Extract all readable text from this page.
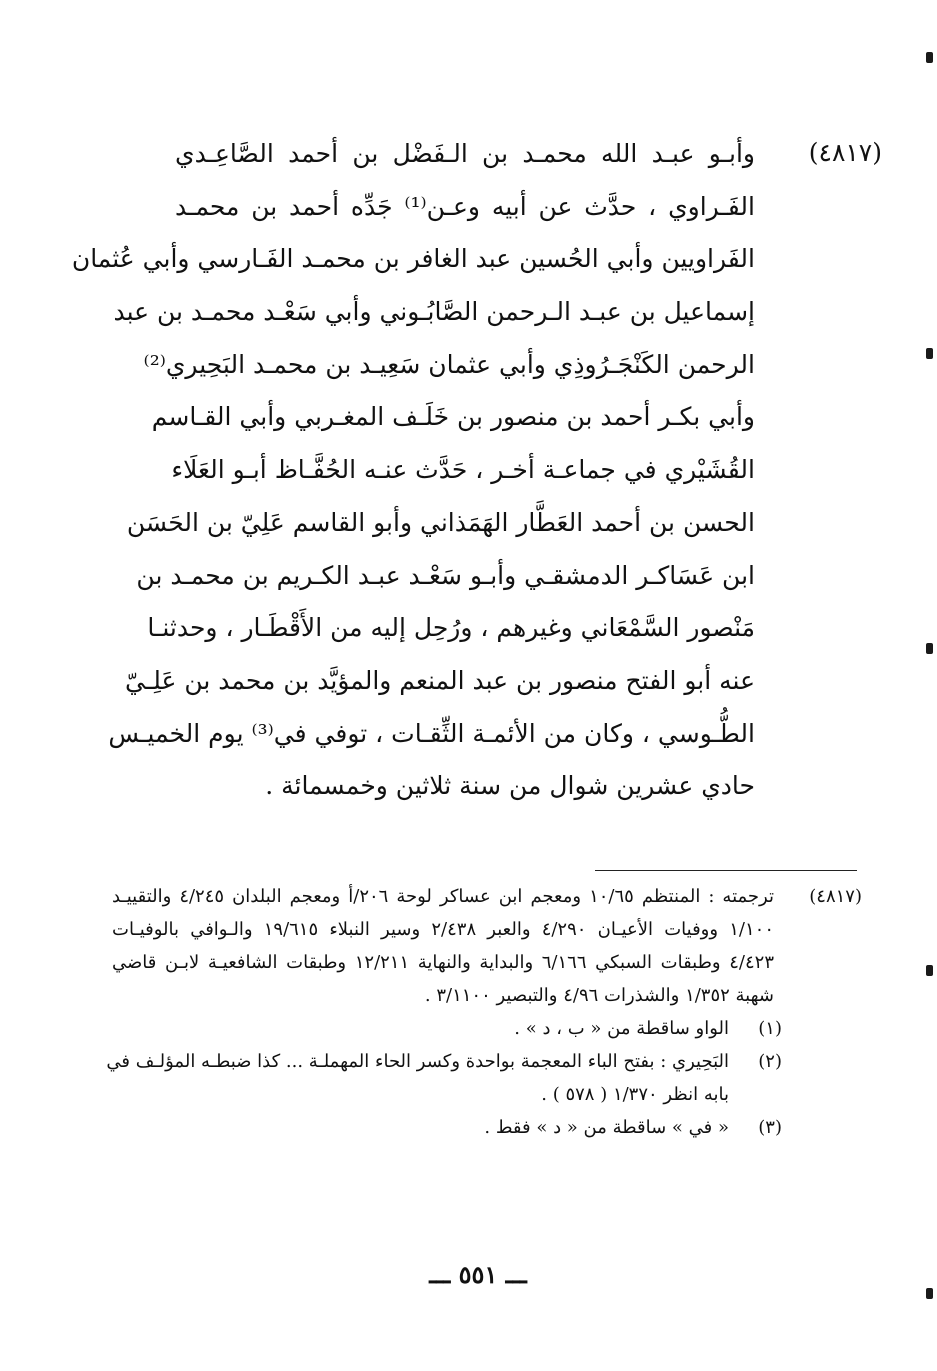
(٤٨١٧)
وأبـو عبـد الله محمـد بن الـفَضْل بن أحمد الصَّاعِـدي
الفَـراوي ، حدَّث عن أبيه وعـن⁽¹⁾ جَدِّه أحمد بن محمـد
الفَراويين وأبي الحُسين عبد الغافر بن محمـد الفَـارسي وأبي عُثمان
إسماعيل بن عبـد الـرحمن الصَّابُـوني وأبي سَعْـد محمـد بن عبد
الرحمن الكَنْجَـرُوذِي وأبي عثمان سَعِيـد بن محمـد البَحِيري⁽²⁾
وأبي بكـر أحمد بن منصور بن خَلَـف المغـربي وأبي القـاسم
القُشَيْري في جماعـة أخـر ، حَدَّث عنـه الحُفَّـاظ أبـو العَلَاء
الحسن بن أحمد العَطَّار الهَمَذاني وأبو القاسم عَلِيّ بن الحَسَن
ابن عَسَاكـر الدمشقـي وأبـو سَعْـد عبـد الكـريم بن محمـد بن
مَنْصور السَّمْعَاني وغيرهم ، ورُحِل إليه من الأَقْطَـار ، وحدثنـا
عنه أبو الفتح منصور بن عبد المنعم والمؤيَّد بن محمد بن عَلِـيّ
الطُّـوسي ، وكان من الأئمـة الثِّقـات ، توفي في⁽³⁾ يوم الخميـس
حادي عشرين شوال من سنة ثلاثين وخمسمائة .
(٤٨١٧)
ترجمته : المنتظم ١٠/٦٥ ومعجم ابن عساكر لوحة ٢٠٦/أ ومعجم البلدان ٤/٢٤٥ والتقييـد
١/١٠٠ ووفيات الأعيـان ٤/٢٩٠ والعبر ٢/٤٣٨ وسير النبلاء ١٩/٦١٥ والـوافي بالوفيـات
٤/٤٢٣ وطبقات السبكي ٦/١٦٦ والبداية والنهاية ١٢/٢١١ وطبقات الشافعيـة لابـن قاضي
شهبة ١/٣٥٢ والشذرات ٤/٩٦ والتبصير ٣/١١٠٠ .
(١)
الواو ساقطة من « ب ، د » .
(٢)
البَحِيري : بفتح الباء المعجمة بواحدة وكسر الحاء المهملـة ... كذا ضبطـه المؤلـف في
بابه انظر ١/٣٧٠ ( ٥٧٨ ) .
(٣)
« في » ساقطة من « د » فقط .
ـــ ٥٥١ ـــ
